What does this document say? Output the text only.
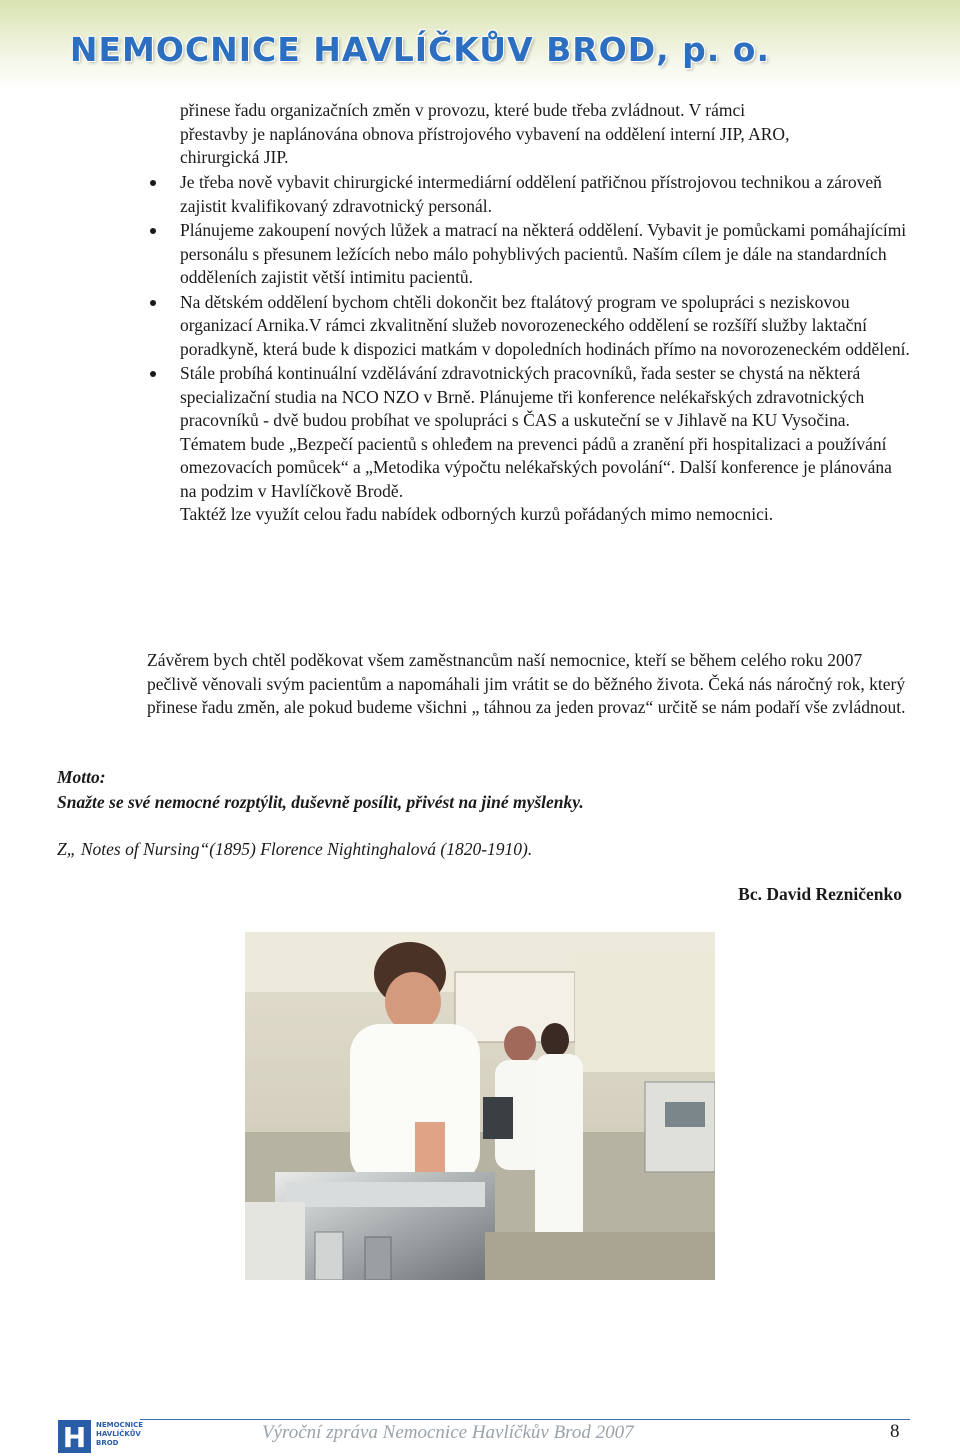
NEMOCNICE HAVLÍČKŮV BROD, p. o.

přinese řadu organizačních změn v provozu, které bude třeba zvládnout. V rámci

přestavby je naplánována obnova přístrojového vybavení na oddělení interní JIP, ARO,

chirurgická JIP.

Je třeba nově vybavit chirurgické intermediární oddělení patřičnou přístrojovou technikou a zároveň zajistit kvalifikovaný zdravotnický personál.
Plánujeme zakoupení nových lůžek a matrací na některá oddělení. Vybavit je pomůckami pomáhajícími personálu s přesunem ležících nebo málo pohyblivých pacientů. Naším cílem je dále na standardních odděleních zajistit větší intimitu pacientů.
Na dětském oddělení bychom chtěli dokončit bez ftalátový program ve spolupráci s neziskovou organizací Arnika.V rámci zkvalitnění služeb novorozeneckého oddělení se rozšíří služby laktační poradkyně, která bude k dispozici matkám v dopoledních hodinách přímo na novorozeneckém oddělení.
Stále probíhá kontinuální vzdělávání zdravotnických pracovníků, řada sester se chystá na některá specializační studia na NCO NZO v Brně. Plánujeme tři konference nelékařských zdravotnických pracovníků - dvě budou probíhat ve spolupráci s ČAS a uskuteční se v Jihlavě na KU Vysočina. Tématem bude „Bezpečí pacientů s ohleđem na prevenci pádů a zranění při hospitalizaci a používání omezovacích pomůcek“ a „Metodika výpočtu nelékařských povolání“. Další konference je plánována na podzim v Havlíčkově Brodě.
Taktéž lze využít celou řadu nabídek odborných kurzů pořádaných mimo nemocnici.

Závěrem bych chtěl poděkovat všem zaměstnancům naší nemocnice, kteří se během celého roku 2007 pečlivě věnovali svým pacientům a napomáhali jim vrátit se do běžného života. Čeká nás náročný rok, který přinese řadu změn, ale pokud budeme všichni „ táhnou za jeden provaz“ určitě se nám podaří vše zvládnout.

Motto:
Snažte se své nemocné rozptýlit, duševně posílit, přivést na jiné myšlenky.
Z„ Notes of Nursing“(1895) Florence Nightinghalová (1820-1910).
Bc. David Rezničenko
H NEMOCNICE
HAVLÍČKŮV
BROD	Výroční zpráva Nemocnice Havlíčkův Brod 2007	8
